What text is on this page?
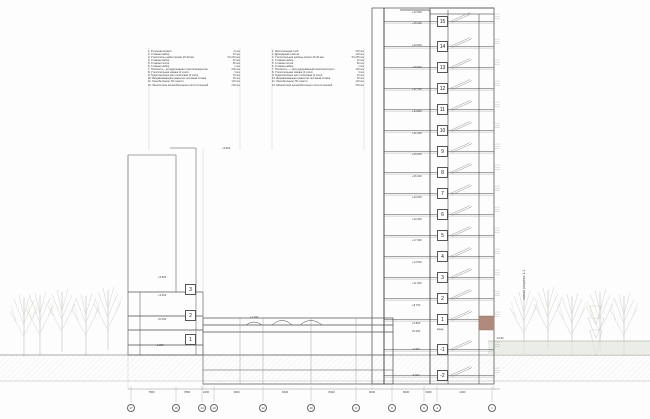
1. Рулонная кровля	~5 мм
2. Стяжная набор	40 мм
3. Утеплитель щебня прокат 20-40 мм	50-200 мм
4. Стяжная набор	40 мм
5. Стяжная плита	80 мм
6. Стяжная набор	1 мм
7. Плоскость - антидренажная пластоперекрытие	200 мм
8. Утеплительная смазка (2 слоя)	3 мм
9. Гидроизоляция мел полосовая (2 слоя)	15 мм
10. Выравнивающая цементно-песчаная стяжка	30 мм
11. Легкобетонное ПС пласти	120 мм
12. Монолитное железобетонное плита сплошной	200 мм
1. Растительный слой	200 мм
2. Дренажный пластик	100 мм
3. Утеплительная щебень прокат 20-40 мм	50-250 мм
4. Стяжная набор	40 мм
5. Стяжная плита	80 мм
6. Стяжная набор	1 мм
7. Плоскость — экструдированный пенополистирол	120 мм
8. Утеплительная смазка (2 слоя)	3 мм
9. Гидроизоляция мел полосовая (2 слоя)	15 мм
10. Выравнивающая цементно-песчаная стяжка	30 мм
11. Легкобетонное ПС пласти	120 мм
12. Монолитное железобетонное плита сплошной	200 мм
15
14
13
12
11
10
9
8
7
6
5
4
3
2
1
-1
-2
3
2
1
+47.600
+46.100
+43.500
+40.600
+37.700
+34.800
+31.900
+29.000
+26.100
+23.200
+20.300
+17.400
+14.500
+11.600
+8.700
+5.800
±0.000
-3.300
-6.600
+9.900
+5.800
+3.200
±0.000
+1.200
-1.200
17	16	14	13	12	10	9	8	6	4	1
7800	7800	2400	3000	8400	8400	6000	6000	6000	2400
вход
-0.150
схема разреза 1-1
